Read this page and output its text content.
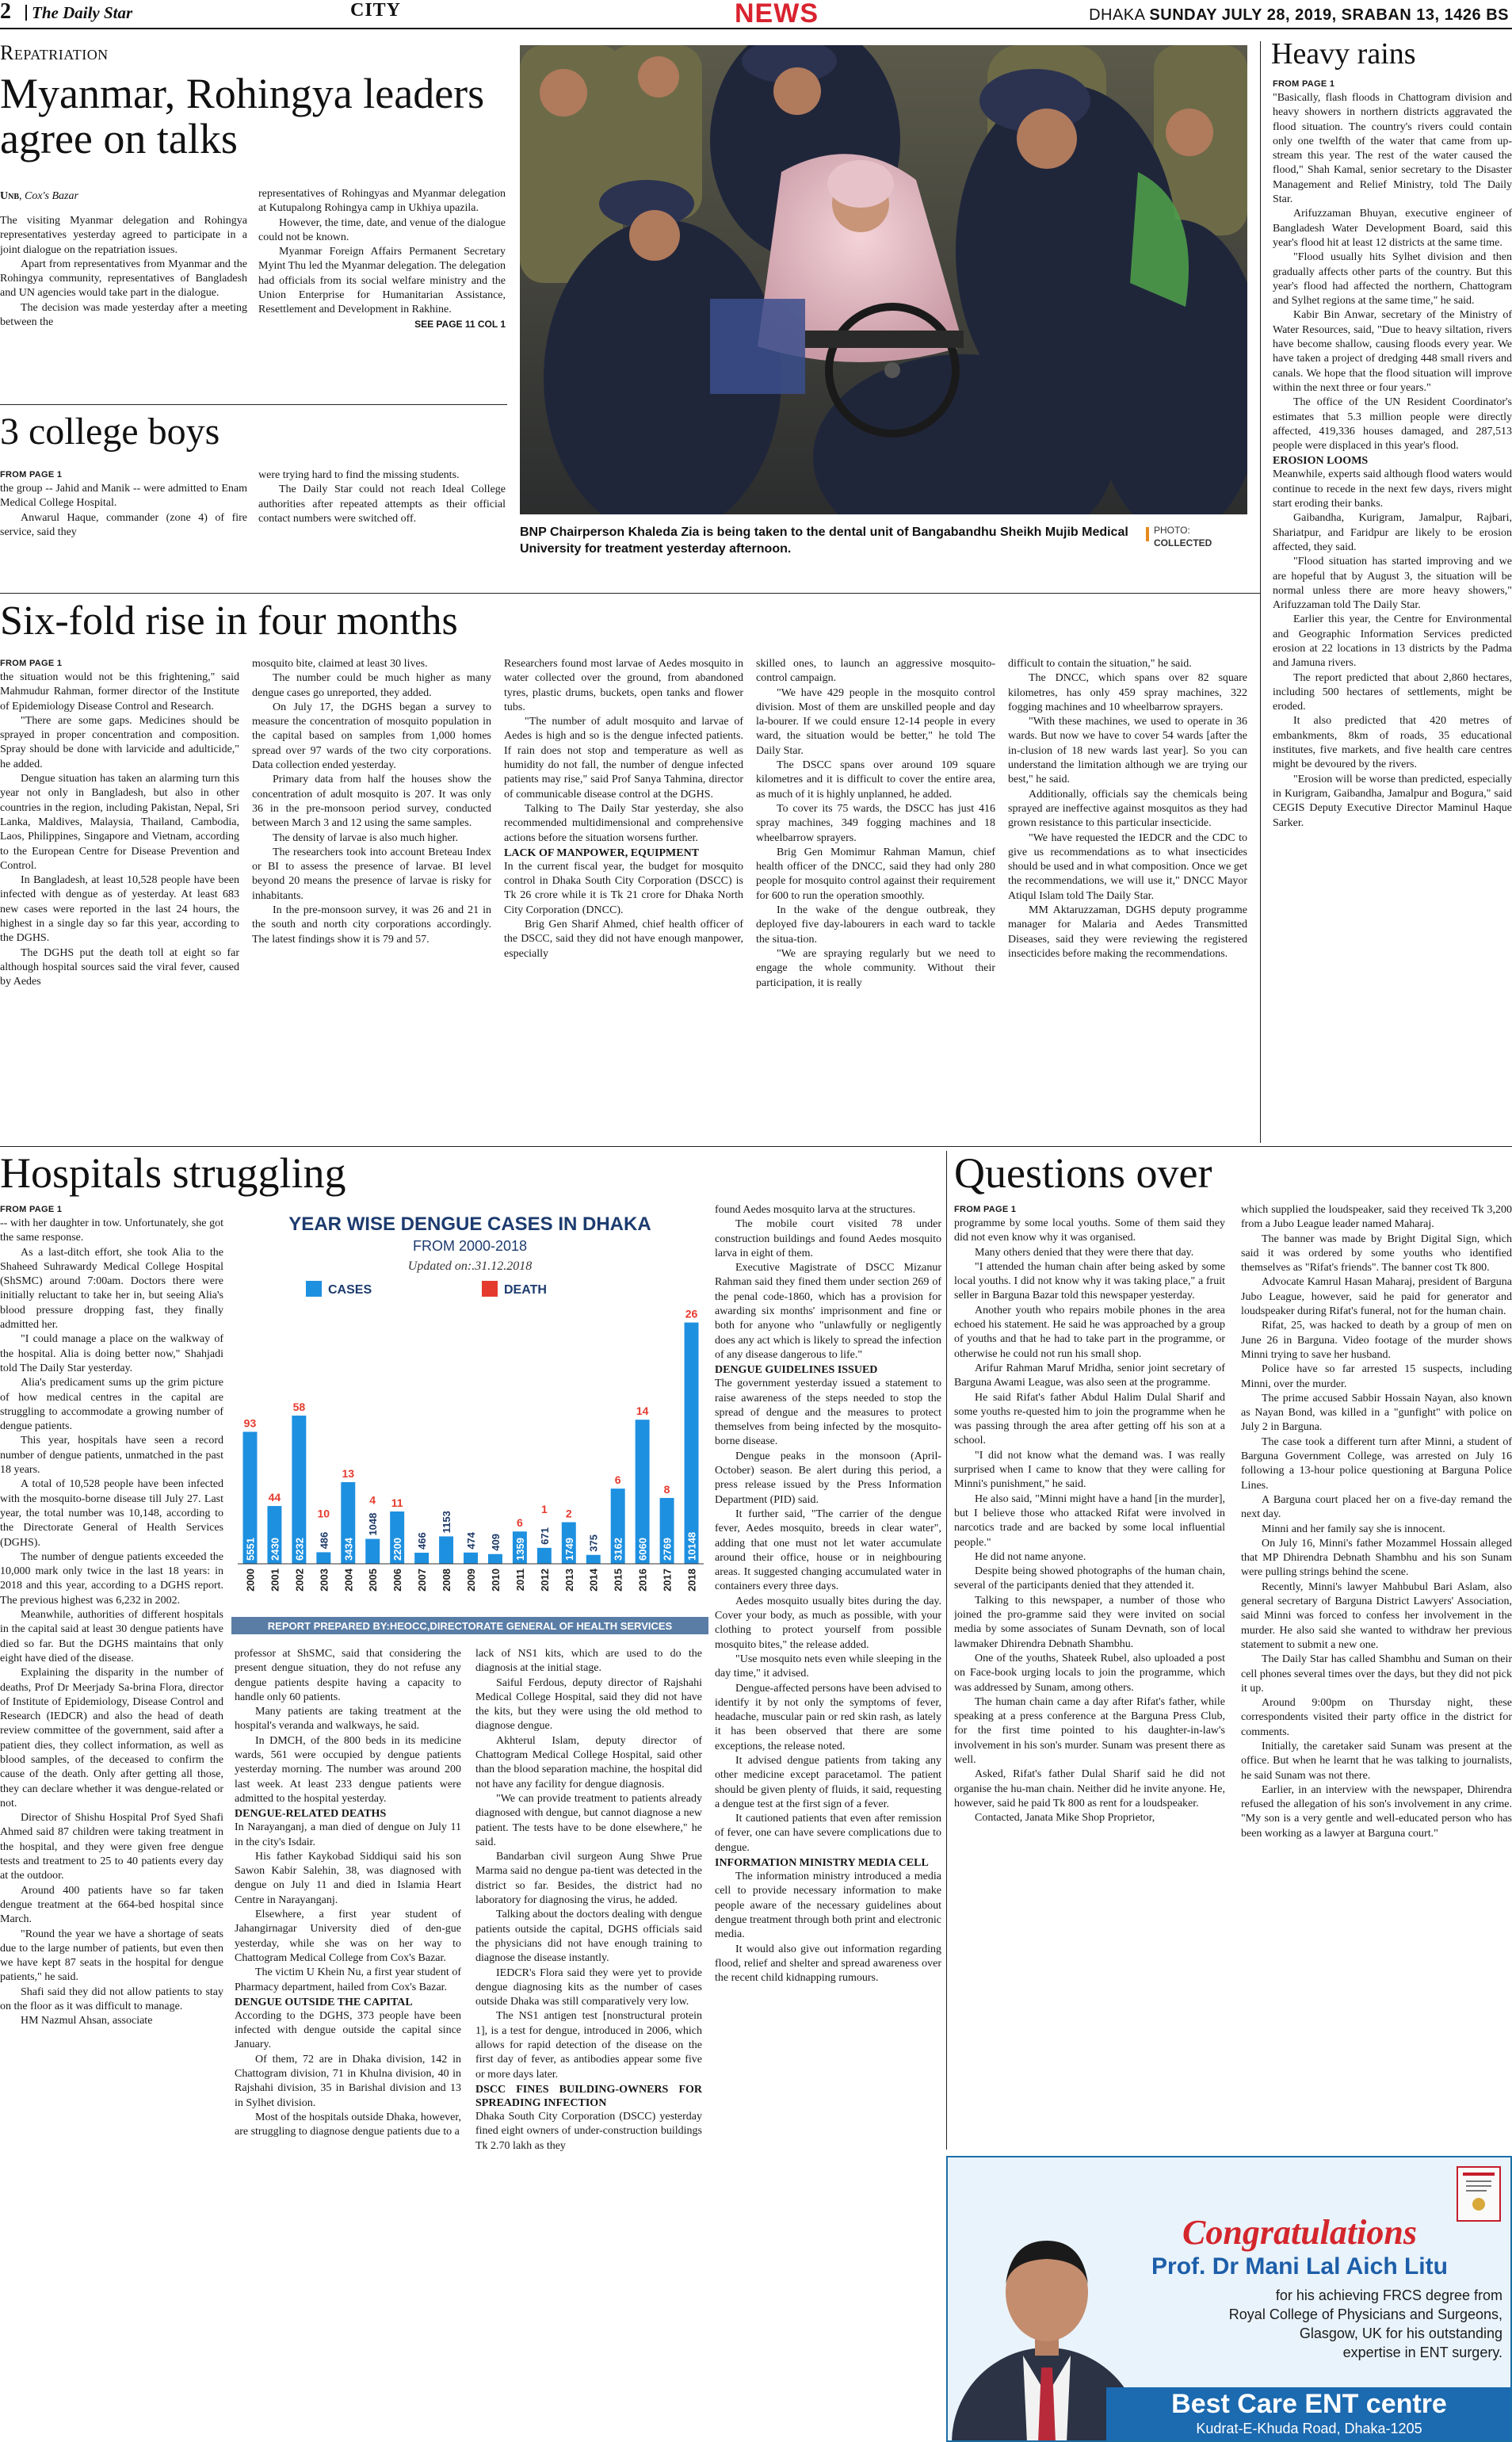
2	The Daily Star	CITY	NEWS	DHAKA SUNDAY JULY 28, 2019, SRABAN 13, 1426 BS
Repatriation
Myanmar, Rohingya leaders agree on talks
Unb, Cox's Bazar

The visiting Myanmar delegation and Rohingya representatives yesterday agreed to participate in a joint dialogue on the repatriation issues.

Apart from representatives from Myanmar and the Rohingya community, representatives of Bangladesh and UN agencies would take part in the dialogue.

The decision was made yesterday after a meeting between the

representatives of Rohingyas and Myanmar delegation at Kutupalong Rohingya camp in Ukhiya upazila.

However, the time, date, and venue of the dialogue could not be known.

Myanmar Foreign Affairs Permanent Secretary Myint Thu led the Myanmar delegation. The delegation had officials from its social welfare ministry and the Union Enterprise for Humanitarian Assistance, Resettlement and Development in Rakhine.

SEE PAGE 11 COL 1

3 college boys

FROM PAGE 1

the group -- Jahid and Manik -- were admitted to Enam Medical College Hospital.

Anwarul Haque, commander (zone 4) of fire service, said they

were trying hard to find the missing students.

The Daily Star could not reach Ideal College authorities after repeated attempts as their official contact numbers were switched off.

BNP Chairperson Khaleda Zia is being taken to the dental unit of Bangabandhu Sheikh Mujib Medical University for treatment yesterday afternoon.
PHOTO:
COLLECTED
Heavy rains

FROM PAGE 1

"Basically, flash floods in Chattogram division and heavy showers in northern districts aggravated the flood situation. The country's rivers could contain only one twelfth of the water that came from up-stream this year. The rest of the water caused the flood," Shah Kamal, senior secretary to the Disaster Management and Relief Ministry, told The Daily Star.

Arifuzzaman Bhuyan, executive engineer of Bangladesh Water Development Board, said this year's flood hit at least 12 districts at the same time.

"Flood usually hits Sylhet division and then gradually affects other parts of the country. But this year's flood had affected the northern, Chattogram and Sylhet regions at the same time," he said.

Kabir Bin Anwar, secretary of the Ministry of Water Resources, said, "Due to heavy siltation, rivers have become shallow, causing floods every year. We have taken a project of dredging 448 small rivers and canals. We hope that the flood situation will improve within the next three or four years."

The office of the UN Resident Coordinator's estimates that 5.3 million people were directly affected, 419,336 houses damaged, and 287,513 people were displaced in this year's flood.

EROSION LOOMS

Meanwhile, experts said although flood waters would continue to recede in the next few days, rivers might start eroding their banks.

Gaibandha, Kurigram, Jamalpur, Rajbari, Shariatpur, and Faridpur are likely to be erosion affected, they said.

"Flood situation has started improving and we are hopeful that by August 3, the situation will be normal unless there are more heavy showers," Arifuzzaman told The Daily Star.

Earlier this year, the Centre for Environmental and Geographic Information Services predicted erosion at 22 locations in 13 districts by the Padma and Jamuna rivers.

The report predicted that about 2,860 hectares, including 500 hectares of settlements, might be eroded.

It also predicted that 420 metres of embankments, 8km of roads, 35 educational institutes, five markets, and five health care centres might be devoured by the rivers.

"Erosion will be worse than predicted, especially in Kurigram, Gaibandha, Jamalpur and Bogura," said CEGIS Deputy Executive Director Maminul Haque Sarker.

Six-fold rise in four months

FROM PAGE 1

the situation would not be this frightening," said Mahmudur Rahman, former director of the Institute of Epidemiology Disease Control and Research.

"There are some gaps. Medicines should be sprayed in proper concentration and composition. Spray should be done with larvicide and adulticide," he added.

Dengue situation has taken an alarming turn this year not only in Bangladesh, but also in other countries in the region, including Pakistan, Nepal, Sri Lanka, Maldives, Malaysia, Thailand, Cambodia, Laos, Philippines, Singapore and Vietnam, according to the European Centre for Disease Prevention and Control.

In Bangladesh, at least 10,528 people have been infected with dengue as of yesterday. At least 683 new cases were reported in the last 24 hours, the highest in a single day so far this year, according to the DGHS.

The DGHS put the death toll at eight so far although hospital sources said the viral fever, caused by Aedes

mosquito bite, claimed at least 30 lives.

The number could be much higher as many dengue cases go unreported, they added.

On July 17, the DGHS began a survey to measure the concentration of mosquito population in the capital based on samples from 1,000 homes spread over 97 wards of the two city corporations. Data collection ended yesterday.

Primary data from half the houses show the concentration of adult mosquito is 207. It was only 36 in the pre-monsoon period survey, conducted between March 3 and 12 using the same samples.

The density of larvae is also much higher.

The researchers took into account Breteau Index or BI to assess the presence of larvae. BI level beyond 20 means the presence of larvae is risky for inhabitants.

In the pre-monsoon survey, it was 26 and 21 in the south and north city corporations accordingly. The latest findings show it is 79 and 57.

Researchers found most larvae of Aedes mosquito in water collected over the ground, from abandoned tyres, plastic drums, buckets, open tanks and flower tubs.

"The number of adult mosquito and larvae of Aedes is high and so is the dengue infected patients. If rain does not stop and temperature as well as humidity do not fall, the number of dengue infected patients may rise," said Prof Sanya Tahmina, director of communicable disease control at the DGHS.

Talking to The Daily Star yesterday, she also recommended multidimensional and comprehensive actions before the situation worsens further.

LACK OF MANPOWER, EQUIPMENT

In the current fiscal year, the budget for mosquito control in Dhaka South City Corporation (DSCC) is Tk 26 crore while it is Tk 21 crore for Dhaka North City Corporation (DNCC).

Brig Gen Sharif Ahmed, chief health officer of the DSCC, said they did not have enough manpower, especially

skilled ones, to launch an aggressive mosquito-control campaign.

"We have 429 people in the mosquito control division. Most of them are unskilled people and day la-bourer. If we could ensure 12-14 people in every ward, the situation would be better," he told The Daily Star.

The DSCC spans over around 109 square kilometres and it is difficult to cover the entire area, as much of it is highly unplanned, he added.

To cover its 75 wards, the DSCC has just 416 spray machines, 349 fogging machines and 18 wheelbarrow sprayers.

Brig Gen Momimur Rahman Mamun, chief health officer of the DNCC, said they had only 280 people for mosquito control against their requirement for 600 to run the operation smoothly.

In the wake of the dengue outbreak, they deployed five day-labourers in each ward to tackle the situa-tion.

"We are spraying regularly but we need to engage the whole community. Without their participation, it is really

difficult to contain the situation," he said.

The DNCC, which spans over 82 square kilometres, has only 459 spray machines, 322 fogging machines and 10 wheelbarrow sprayers.

"With these machines, we used to operate in 36 wards. But now we have to cover 54 wards [after the in-clusion of 18 new wards last year]. So you can understand the limitation although we are trying our best," he said.

Additionally, officials say the chemicals being sprayed are ineffective against mosquitos as they had grown resistance to this particular insecticide.

"We have requested the IEDCR and the CDC to give us recommendations as to what insecticides should be used and in what composition. Once we get the recommendations, we will use it," DNCC Mayor Atiqul Islam told The Daily Star.

MM Aktaruzzaman, DGHS deputy programme manager for Malaria and Aedes Transmitted Diseases, said they were reviewing the registered insecticides before making the recommendations.

Hospitals struggling

FROM PAGE 1

-- with her daughter in tow. Unfortunately, she got the same response.

As a last-ditch effort, she took Alia to the Shaheed Suhrawardy Medical College Hospital (ShSMC) around 7:00am. Doctors there were initially reluctant to take her in, but seeing Alia's blood pressure dropping fast, they finally admitted her.

"I could manage a place on the walkway of the hospital. Alia is doing better now," Shahjadi told The Daily Star yesterday.

Alia's predicament sums up the grim picture of how medical centres in the capital are struggling to accommodate a growing number of dengue patients.

This year, hospitals have seen a record number of dengue patients, unmatched in the past 18 years.

A total of 10,528 people have been infected with the mosquito-borne disease till July 27. Last year, the total number was 10,148, according to the Directorate General of Health Services (DGHS).

The number of dengue patients exceeded the 10,000 mark only twice in the last 18 years: in 2018 and this year, according to a DGHS report. The previous highest was 6,232 in 2002.

Meanwhile, authorities of different hospitals in the capital said at least 30 dengue patients have died so far. But the DGHS maintains that only eight have died of the disease.

Explaining the disparity in the number of deaths, Prof Dr Meerjady Sa-brina Flora, director of Institute of Epidemiology, Disease Control and Research (IEDCR) and also the head of death review committee of the government, said after a patient dies, they collect information, as well as blood samples, of the deceased to confirm the cause of the death. Only after getting all those, they can declare whether it was dengue-related or not.

Director of Shishu Hospital Prof Syed Shafi Ahmed said 87 children were taking treatment in the hospital, and they were given free dengue tests and treatment to 25 to 40 patients every day at the outdoor.

Around 400 patients have so far taken dengue treatment at the 664-bed hospital since March.

"Round the year we have a shortage of seats due to the large number of patients, but even then we have kept 87 seats in the hospital for dengue patients," he said.

Shafi said they did not allow patients to stay on the floor as it was difficult to manage.

HM Nazmul Ahsan, associate

YEAR WISE DENGUE CASES IN DHAKA
FROM 2000-2018
Updated on:.31.12.2018
CASES	DEATH
5551
93
2000
2430
44
2001
6232
58
2002
486
10
2003
3434
13
2004
1048
4
2005
2200
11
2006
466
2007
1153
2008
474
2009
409
2010
1359
6
2011
671
1
2012
1749
2
2013
375
2014
3162
6
2015
6060
14
2016
2769
8
2017
10148
26
2018
REPORT PREPARED BY:HEOCC,DIRECTORATE GENERAL OF HEALTH SERVICES

professor at ShSMC, said that considering the present dengue situation, they do not refuse any dengue patients despite having a capacity to handle only 60 patients.

Many patients are taking treatment at the hospital's veranda and walkways, he said.

In DMCH, of the 800 beds in its medicine wards, 561 were occupied by dengue patients yesterday morning. The number was around 200 last week. At least 233 dengue patients were admitted to the hospital yesterday.

DENGUE-RELATED DEATHS

In Narayanganj, a man died of dengue on July 11 in the city's Isdair.

His father Kaykobad Siddiqui said his son Sawon Kabir Salehin, 38, was diagnosed with dengue on July 11 and died in Islamia Heart Centre in Narayanganj.

Elsewhere, a first year student of Jahangirnagar University died of den-gue yesterday, while she was on her way to Chattogram Medical College from Cox's Bazar.

The victim U Khein Nu, a first year student of Pharmacy department, hailed from Cox's Bazar.

DENGUE OUTSIDE THE CAPITAL

According to the DGHS, 373 people have been infected with dengue outside the capital since January.

Of them, 72 are in Dhaka division, 142 in Chattogram division, 71 in Khulna division, 40 in Rajshahi division, 35 in Barishal division and 13 in Sylhet division.

Most of the hospitals outside Dhaka, however, are struggling to diagnose dengue patients due to a

lack of NS1 kits, which are used to do the diagnosis at the initial stage.

Saiful Ferdous, deputy director of Rajshahi Medical College Hospital, said they did not have the kits, but they were using the old method to diagnose dengue.

Akhterul Islam, deputy director of Chattogram Medical College Hospital, said other than the blood separation machine, the hospital did not have any facility for dengue diagnosis.

"We can provide treatment to patients already diagnosed with dengue, but cannot diagnose a new patient. The tests have to be done elsewhere," he said.

Bandarban civil surgeon Aung Shwe Prue Marma said no dengue pa-tient was detected in the district so far. Besides, the district had no laboratory for diagnosing the virus, he added.

Talking about the doctors dealing with dengue patients outside the capital, DGHS officials said the physicians did not have enough training to diagnose the disease instantly.

IEDCR's Flora said they were yet to provide dengue diagnosing kits as the number of cases outside Dhaka was still comparatively very low.

The NS1 antigen test [nonstructural protein 1], is a test for dengue, introduced in 2006, which allows for rapid detection of the disease on the first day of fever, as antibodies appear some five or more days later.

DSCC FINES BUILDING-OWNERS FOR SPREADING INFECTION

Dhaka South City Corporation (DSCC) yesterday fined eight owners of under-construction buildings Tk 2.70 lakh as they

found Aedes mosquito larva at the structures.

The mobile court visited 78 under construction buildings and found Aedes mosquito larva in eight of them.

Executive Magistrate of DSCC Mizanur Rahman said they fined them under section 269 of the penal code-1860, which has a provision for awarding six months' imprisonment and fine or both for anyone who "unlawfully or negligently does any act which is likely to spread the infection of any disease dangerous to life."

DENGUE GUIDELINES ISSUED

The government yesterday issued a statement to raise awareness of the steps needed to stop the spread of dengue and the measures to protect themselves from being infected by the mosquito-borne disease.

Dengue peaks in the monsoon (April-October) season. Be alert during this period, a press release issued by the Press Information Department (PID) said.

It further said, "The carrier of the dengue fever, Aedes mosquito, breeds in clear water", adding that one must not let water accumulate around their office, house or in neighbouring areas. It suggested changing accumulated water in containers every three days.

Aedes mosquito usually bites during the day. Cover your body, as much as possible, with your clothing to protect yourself from possible mosquito bites," the release added.

"Use mosquito nets even while sleeping in the day time," it advised.

Dengue-affected persons have been advised to identify it by not only the symptoms of fever, headache, muscular pain or red skin rash, as lately it has been observed that there are some exceptions, the release noted.

It advised dengue patients from taking any other medicine except paracetamol. The patient should be given plenty of fluids, it said, requesting a dengue test at the first sign of a fever.

It cautioned patients that even after remission of fever, one can have severe complications due to dengue.

INFORMATION MINISTRY MEDIA CELL

The information ministry introduced a media cell to provide necessary information to make people aware of the necessary guidelines about dengue treatment through both print and electronic media.

It would also give out information regarding flood, relief and shelter and spread awareness over the recent child kidnapping rumours.

Questions over

FROM PAGE 1

programme by some local youths. Some of them said they did not even know why it was organised.

Many others denied that they were there that day.

"I attended the human chain after being asked by some local youths. I did not know why it was taking place," a fruit seller in Barguna Bazar told this newspaper yesterday.

Another youth who repairs mobile phones in the area echoed his statement. He said he was approached by a group of youths and that he had to take part in the programme, or otherwise he could not run his small shop.

Arifur Rahman Maruf Mridha, senior joint secretary of Barguna Awami League, was also seen at the programme.

He said Rifat's father Abdul Halim Dulal Sharif and some youths re-quested him to join the programme when he was passing through the area after getting off his son at a school.

"I did not know what the demand was. I was really surprised when I came to know that they were calling for Minni's punishment," he said.

He also said, "Minni might have a hand [in the murder], but I believe those who attacked Rifat were involved in narcotics trade and are backed by some local influential people."

He did not name anyone.

Despite being showed photographs of the human chain, several of the participants denied that they attended it.

Talking to this newspaper, a number of those who joined the pro-gramme said they were invited on social media by some associates of Sunam Devnath, son of local lawmaker Dhirendra Debnath Shambhu.

One of the youths, Shateek Rubel, also uploaded a post on Face-book urging locals to join the programme, which was addressed by Sunam, among others.

The human chain came a day after Rifat's father, while speaking at a press conference at the Barguna Press Club, for the first time pointed to his daughter-in-law's involvement in his son's murder. Sunam was present there as well.

Asked, Rifat's father Dulal Sharif said he did not organise the hu-man chain. Neither did he invite anyone. He, however, said he paid Tk 800 as rent for a loudspeaker.

Contacted, Janata Mike Shop Proprietor,

which supplied the loudspeaker, said they received Tk 3,200 from a Jubo League leader named Maharaj.

The banner was made by Bright Digital Sign, which said it was ordered by some youths who identified themselves as "Rifat's friends". The banner cost Tk 800.

Advocate Kamrul Hasan Maharaj, president of Barguna Jubo League, however, said he paid for generator and loudspeaker during Rifat's funeral, not for the human chain.

Rifat, 25, was hacked to death by a group of men on June 26 in Barguna. Video footage of the murder shows Minni trying to save her husband.

Police have so far arrested 15 suspects, including Minni, over the murder.

The prime accused Sabbir Hossain Nayan, also known as Nayan Bond, was killed in a "gunfight" with police on July 2 in Barguna.

The case took a different turn after Minni, a student of Barguna Government College, was arrested on July 16 following a 13-hour police questioning at Barguna Police Lines.

A Barguna court placed her on a five-day remand the next day.

Minni and her family say she is innocent.

On July 16, Minni's father Mozammel Hossain alleged that MP Dhirendra Debnath Shambhu and his son Sunam were pulling strings behind the scene.

Recently, Minni's lawyer Mahbubul Bari Aslam, also general secretary of Barguna District Lawyers' Association, said Minni was forced to confess her involvement in the murder. He also said she wanted to withdraw her previous statement to submit a new one.

The Daily Star has called Shambhu and Suman on their cell phones several times over the days, but they did not pick it up.

Around 9:00pm on Thursday night, these correspondents visited their party office in the district for comments.

Initially, the caretaker said Sunam was present at the office. But when he learnt that he was talking to journalists, he said Sunam was not there.

Earlier, in an interview with the newspaper, Dhirendra refused the allegation of his son's involvement in any crime. "My son is a very gentle and well-educated person who has been working as a lawyer at Barguna court."

Congratulations
Prof. Dr Mani Lal Aich Litu
for his achieving FRCS degree from
Royal College of Physicians and Surgeons,
Glasgow, UK for his outstanding
expertise in ENT surgery.
Best Care ENT centre
Kudrat-E-Khuda Road, Dhaka-1205
